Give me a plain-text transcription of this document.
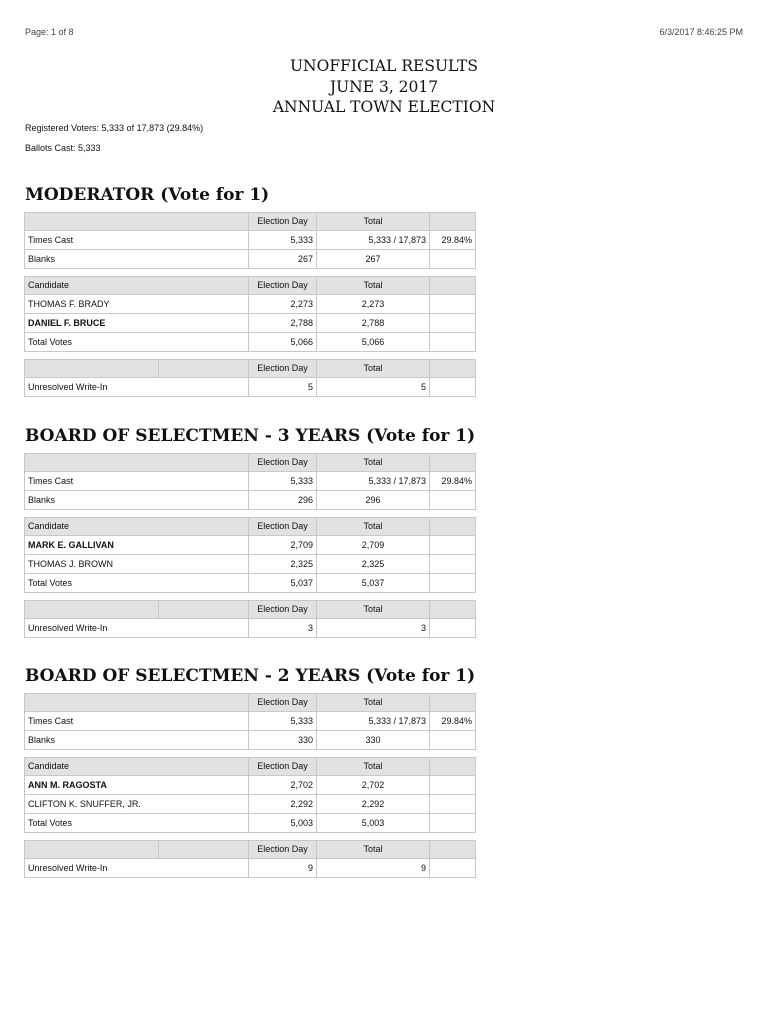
Page: 1 of 8	6/3/2017 8:46:25 PM
UNOFFICIAL RESULTS
JUNE 3, 2017
ANNUAL TOWN ELECTION
Registered Voters: 5,333 of 17,873 (29.84%)
Ballots Cast: 5,333
MODERATOR (Vote for 1)
	Election Day	Total	
Times Cast	5,333	5,333 / 17,873	29.84%
Blanks	267	267	
Candidate	Election Day	Total	
THOMAS F. BRADY	2,273	2,273	
DANIEL F. BRUCE	2,788	2,788	
Total Votes	5,066	5,066	
		Election Day	Total	
Unresolved Write-In		5	5	
BOARD OF SELECTMEN - 3 YEARS (Vote for 1)
	Election Day	Total	
Times Cast	5,333	5,333 / 17,873	29.84%
Blanks	296	296	
Candidate	Election Day	Total	
MARK E. GALLIVAN	2,709	2,709	
THOMAS J. BROWN	2,325	2,325	
Total Votes	5,037	5,037	
		Election Day	Total	
Unresolved Write-In		3	3	
BOARD OF SELECTMEN - 2 YEARS (Vote for 1)
	Election Day	Total	
Times Cast	5,333	5,333 / 17,873	29.84%
Blanks	330	330	
Candidate	Election Day	Total	
ANN M. RAGOSTA	2,702	2,702	
CLIFTON K. SNUFFER, JR.	2,292	2,292	
Total Votes	5,003	5,003	
		Election Day	Total	
Unresolved Write-In		9	9	
